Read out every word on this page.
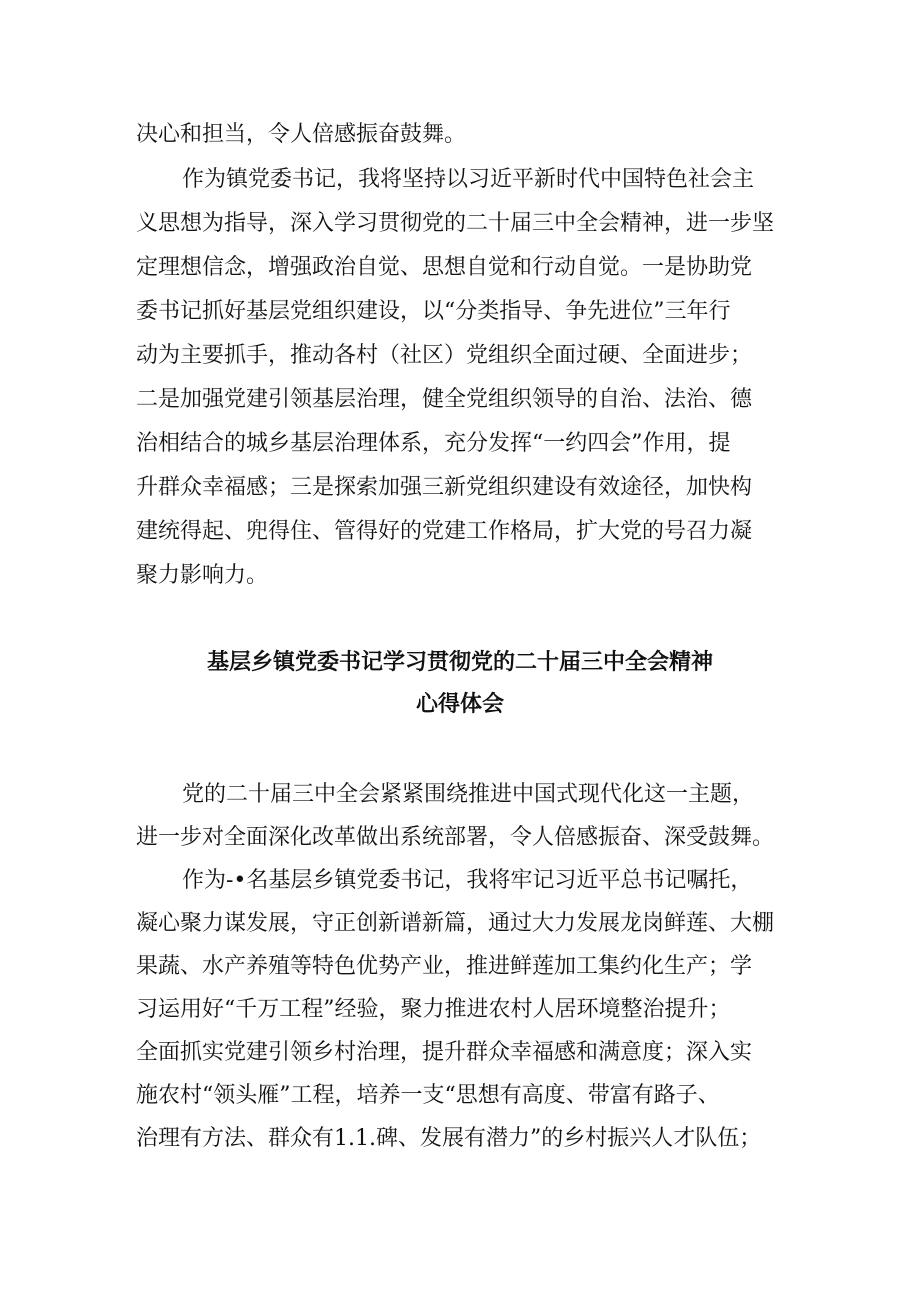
决心和担当，令人倍感振奋鼓舞。
作为镇党委书记，我将坚持以习近平新时代中国特色社会主
义思想为指导，深入学习贯彻党的二十届三中全会精神，进一步坚
定理想信念，增强政治自觉、思想自觉和行动自觉。一是协助党
委书记抓好基层党组织建设，以“分类指导、争先进位”三年行
动为主要抓手，推动各村（社区）党组织全面过硬、全面进步；
二是加强党建引领基层治理，健全党组织领导的自治、法治、德
治相结合的城乡基层治理体系，充分发挥“一约四会”作用，提
升群众幸福感；三是探索加强三新党组织建设有效途径，加快构
建统得起、兜得住、管得好的党建工作格局，扩大党的号召力凝
聚力影响力。
基层乡镇党委书记学习贯彻党的二十届三中全会精神
心得体会
党的二十届三中全会紧紧围绕推进中国式现代化这一主题，
进一步对全面深化改革做出系统部署，令人倍感振奋、深受鼓舞。
作为-•名基层乡镇党委书记，我将牢记习近平总书记嘱托，
凝心聚力谋发展，守正创新谱新篇，通过大力发展龙岗鲜莲、大棚
果蔬、水产养殖等特色优势产业，推进鲜莲加工集约化生产；学
习运用好“千万工程”经验，聚力推进农村人居环境整治提升；
全面抓实党建引领乡村治理，提升群众幸福感和满意度；深入实
施农村“领头雁”工程，培养一支“思想有高度、带富有路子、
治理有方法、群众有1.1.碑、发展有潜力”的乡村振兴人才队伍；
